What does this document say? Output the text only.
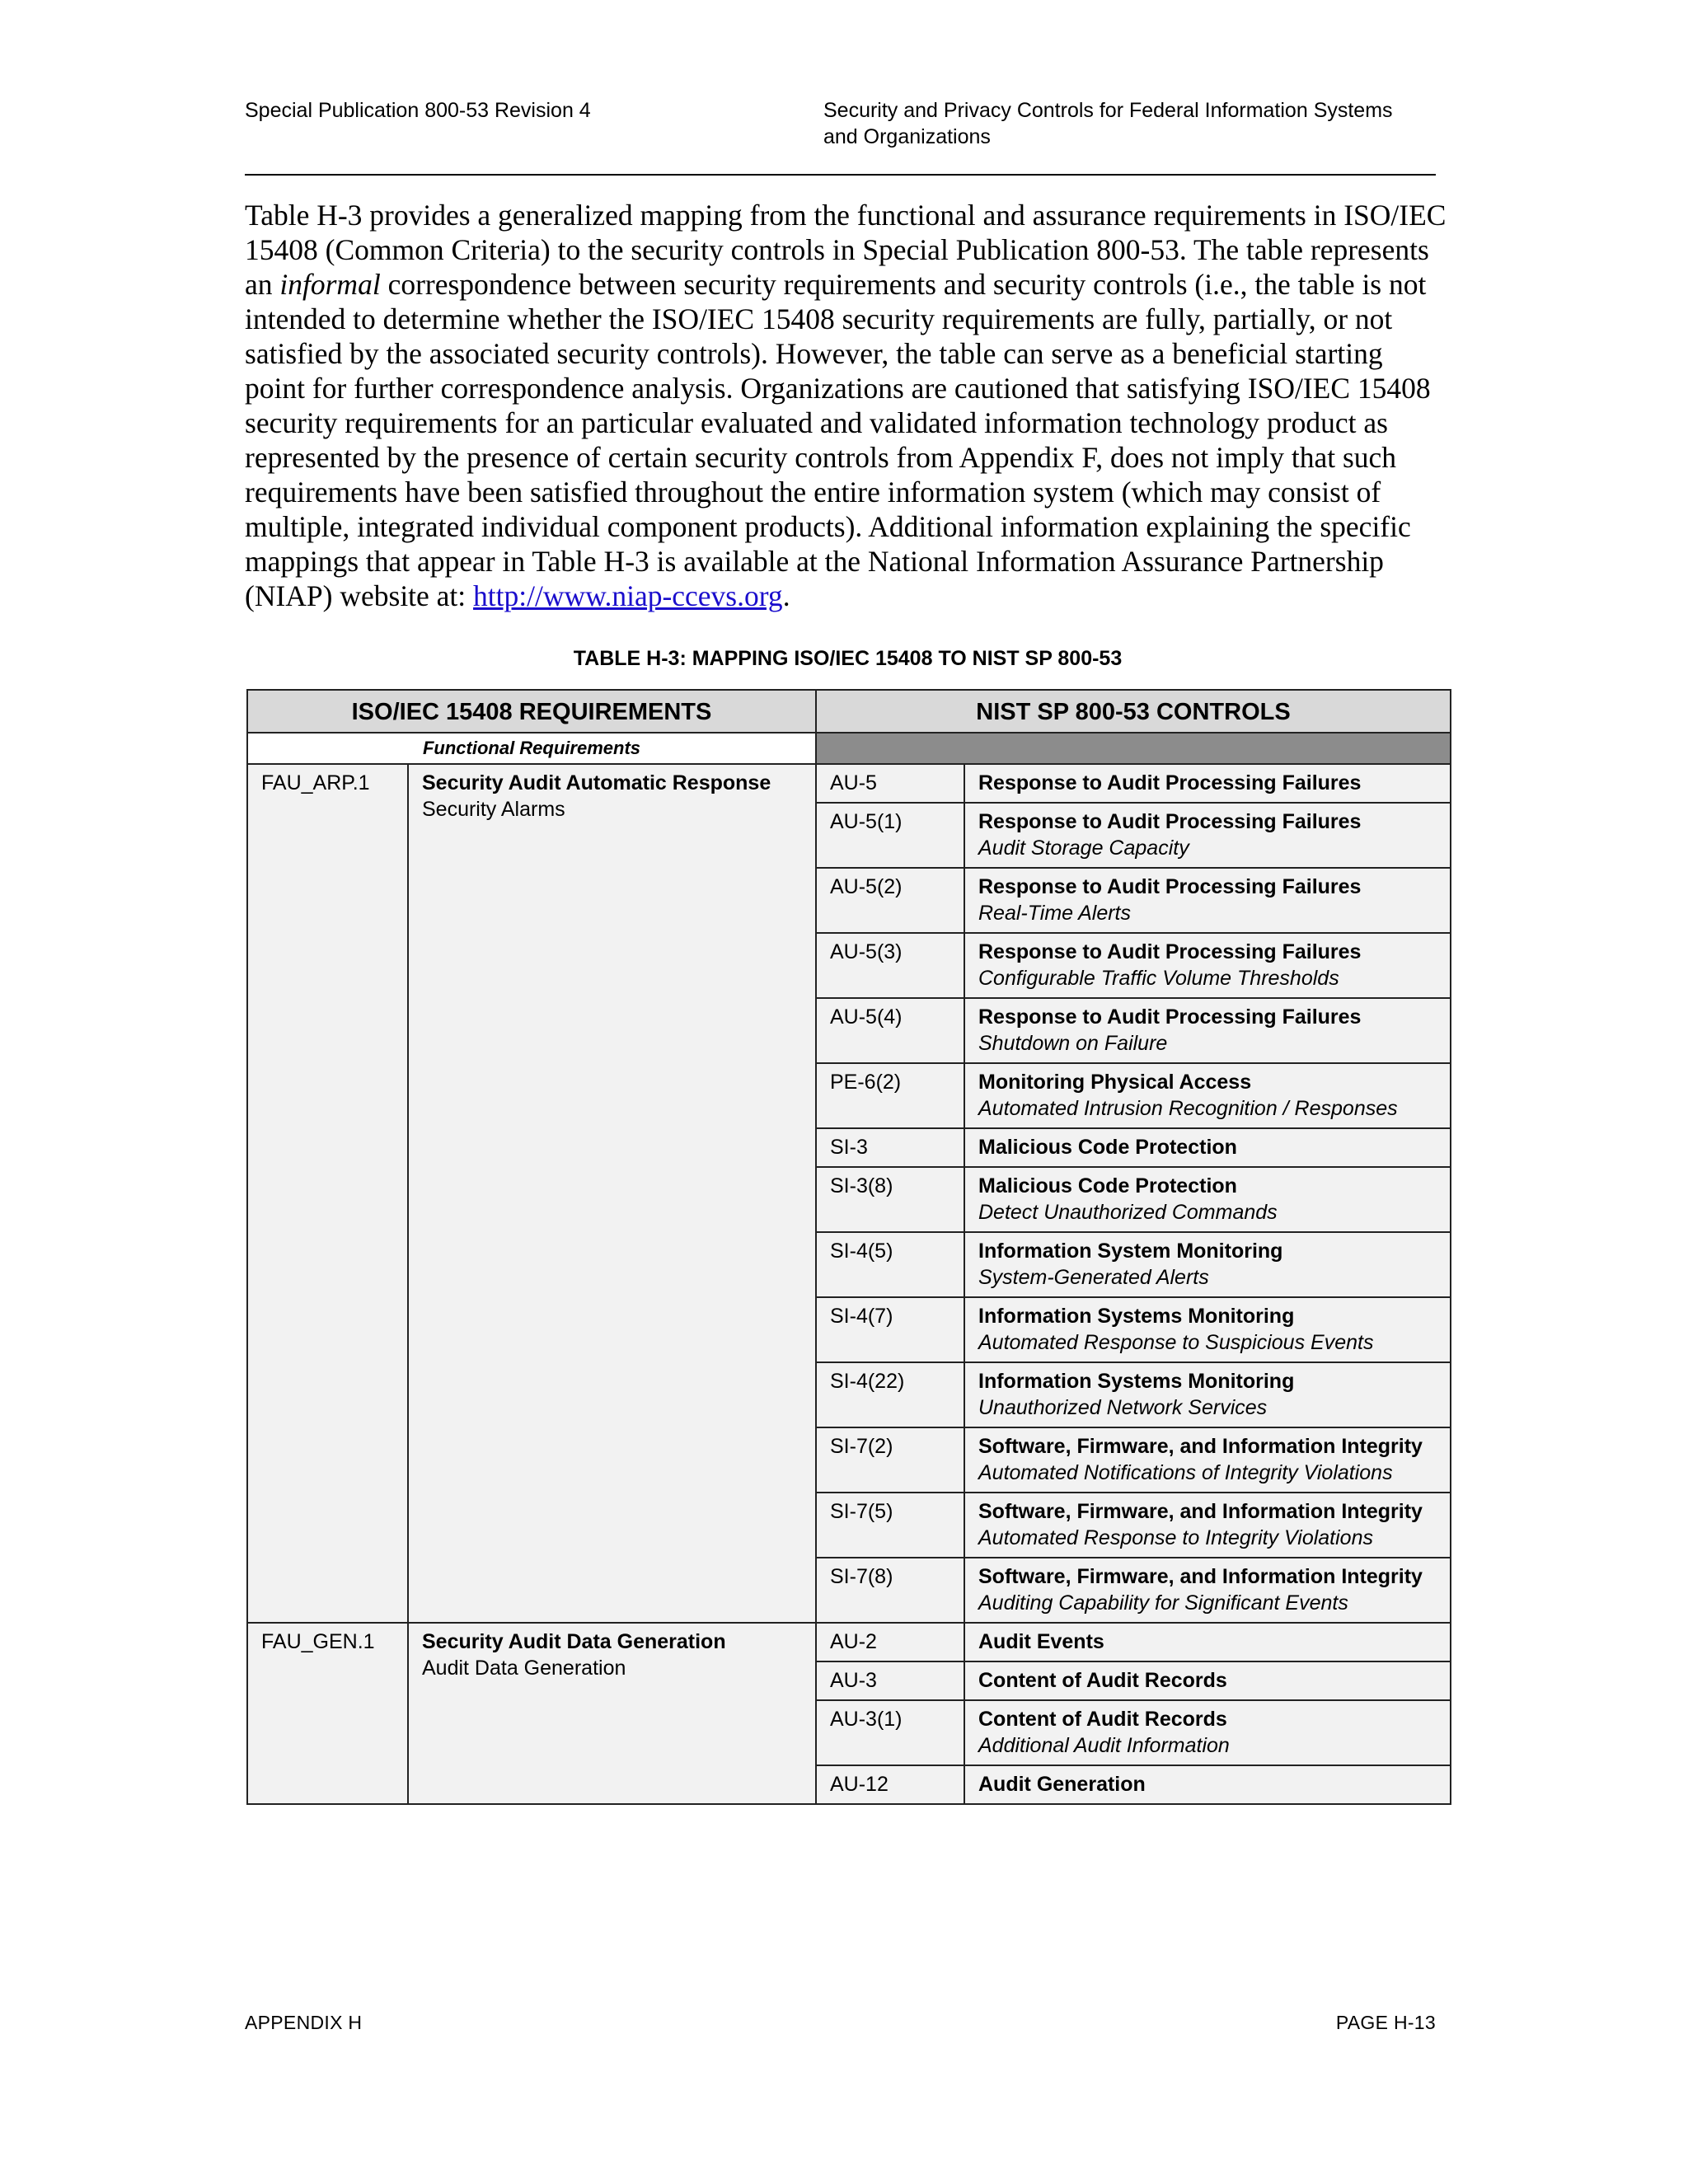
Special Publication 800-53 Revision 4	Security and Privacy Controls for Federal Information Systems
and Organizations

Table H-3 provides a generalized mapping from the functional and assurance requirements in ISO/IEC 15408 (Common Criteria) to the security controls in Special Publication 800-53. The table represents an informal correspondence between security requirements and security controls (i.e., the table is not intended to determine whether the ISO/IEC 15408 security requirements are fully, partially, or not satisfied by the associated security controls). However, the table can serve as a beneficial starting point for further correspondence analysis. Organizations are cautioned that satisfying ISO/IEC 15408 security requirements for an particular evaluated and validated information technology product as represented by the presence of certain security controls from Appendix F, does not imply that such requirements have been satisfied throughout the entire information system (which may consist of multiple, integrated individual component products). Additional information explaining the specific mappings that appear in Table H-3 is available at the National Information Assurance Partnership (NIAP) website at: http://www.niap-ccevs.org.

TABLE H-3: MAPPING ISO/IEC 15408 TO NIST SP 800-53
ISO/IEC 15408 REQUIREMENTS		NIST SP 800-53 CONTROLS	
Functional Requirements			
FAU_ARP.1	Security Audit Automatic Response
Security Alarms	AU-5	Response to Audit Processing Failures

		AU-5(1)	Response to Audit Processing Failures
Audit Storage Capacity

		AU-5(2)	Response to Audit Processing Failures
Real-Time Alerts

		AU-5(3)	Response to Audit Processing Failures
Configurable Traffic Volume Thresholds

		AU-5(4)	Response to Audit Processing Failures
Shutdown on Failure

		PE-6(2)	Monitoring Physical Access
Automated Intrusion Recognition / Responses

		SI-3	Malicious Code Protection

		SI-3(8)	Malicious Code Protection
Detect Unauthorized Commands

		SI-4(5)	Information System Monitoring
System-Generated Alerts

		SI-4(7)	Information Systems Monitoring
Automated Response to Suspicious Events

		SI-4(22)	Information Systems Monitoring
Unauthorized Network Services

		SI-7(2)	Software, Firmware, and Information Integrity
Automated Notifications of Integrity Violations

		SI-7(5)	Software, Firmware, and Information Integrity
Automated Response to Integrity Violations

		SI-7(8)	Software, Firmware, and Information Integrity
Auditing Capability for Significant Events

FAU_GEN.1	Security Audit Data Generation
Audit Data Generation	AU-2	Audit Events

		AU-3	Content of Audit Records

		AU-3(1)	Content of Audit Records
Additional Audit Information

		AU-12	Audit Generation
APPENDIX H	PAGE H-13
